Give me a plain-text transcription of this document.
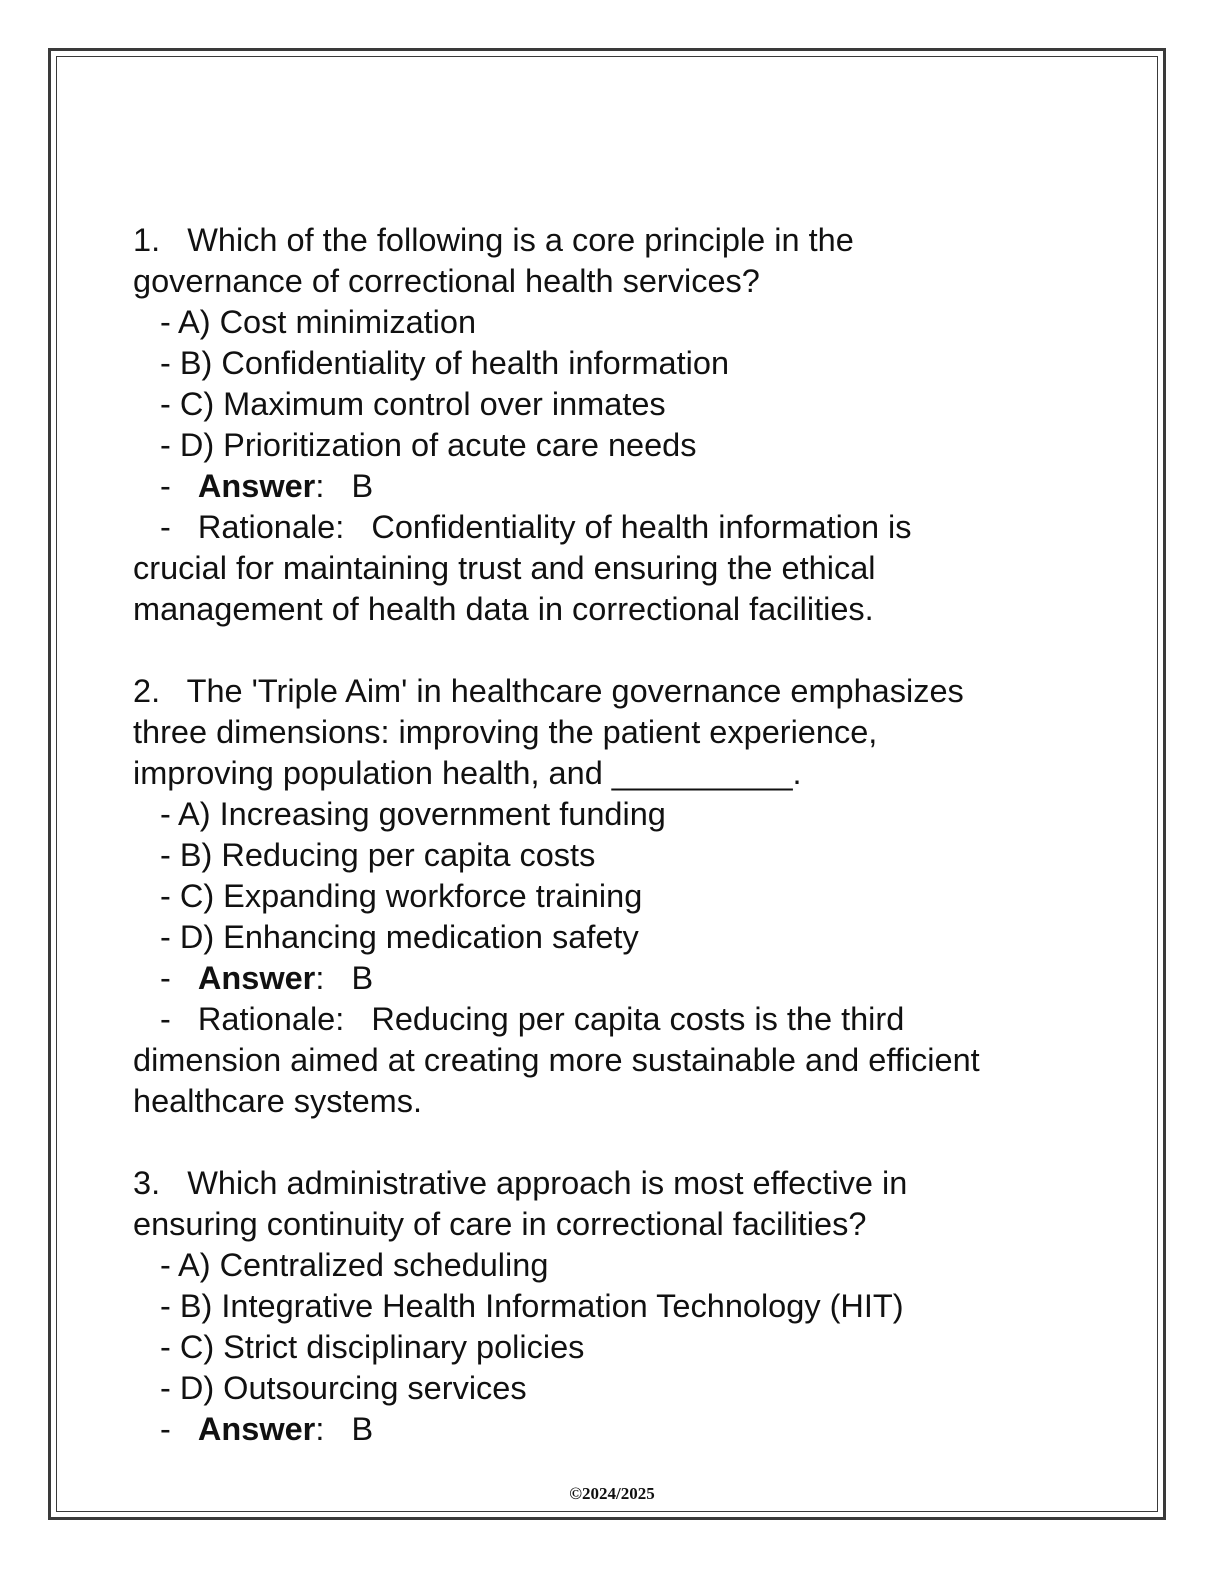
1. Which of the following is a core principle in the
governance of correctional health services?
- A) Cost minimization
- B) Confidentiality of health information
- C) Maximum control over inmates
- D) Prioritization of acute care needs
-   Answer:   B
-   Rationale: Confidentiality of health information is
crucial for maintaining trust and ensuring the ethical
management of health data in correctional facilities.
2. The 'Triple Aim' in healthcare governance emphasizes
three dimensions: improving the patient experience,
improving population health, and __________.
- A) Increasing government funding
- B) Reducing per capita costs
- C) Expanding workforce training
- D) Enhancing medication safety
-   Answer:   B
-   Rationale: Reducing per capita costs is the third
dimension aimed at creating more sustainable and efficient
healthcare systems.
3. Which administrative approach is most effective in
ensuring continuity of care in correctional facilities?
- A) Centralized scheduling
- B) Integrative Health Information Technology (HIT)
- C) Strict disciplinary policies
- D) Outsourcing services
-   Answer:   B
©2024/2025
